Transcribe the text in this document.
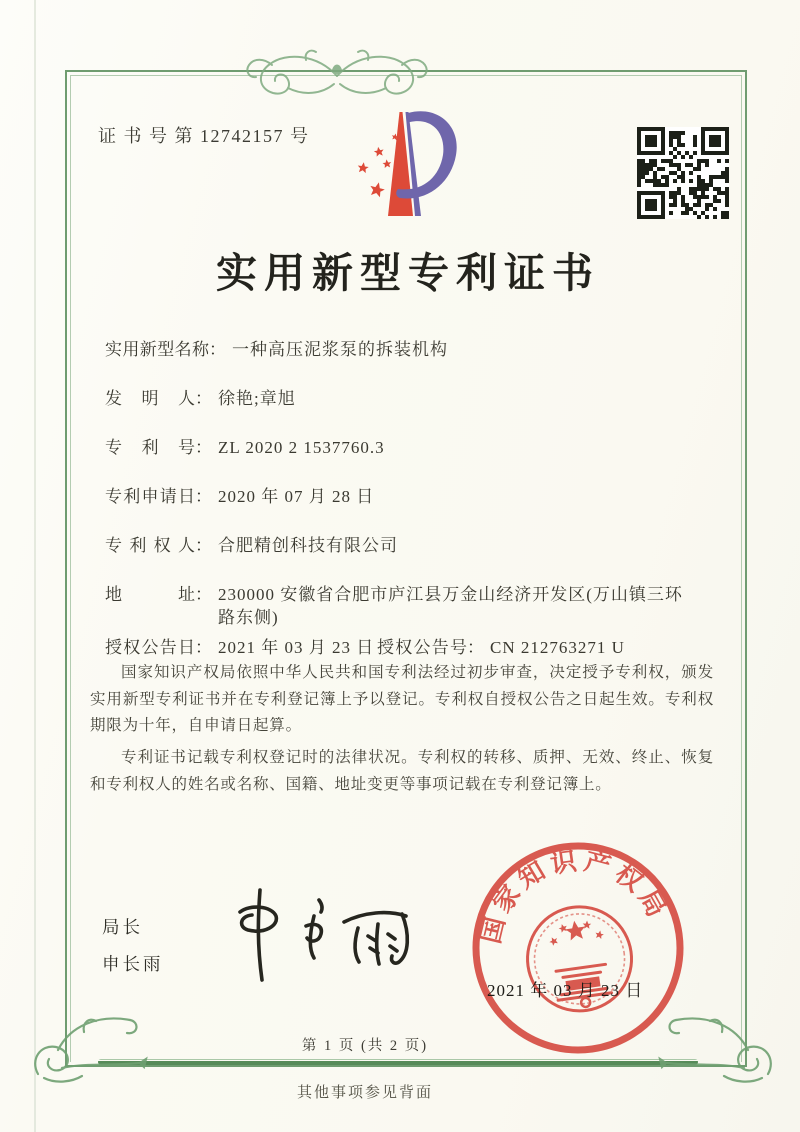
证 书 号 第 12742157 号
实用新型专利证书
实用新型名称： 一种高压泥浆泵的拆装机构
发明人： 徐艳;章旭
专利号： ZL 2020 2 1537760.3
专利申请日： 2020 年 07 月 28 日
专利权人： 合肥精创科技有限公司
地址 ： 230000 安徽省合肥市庐江县万金山经济开发区(万山镇三环路东侧)
授权公告日： 2021 年 03 月 23 日 授权公告号： CN 212763271 U

国家知识产权局依照中华人民共和国专利法经过初步审查，决定授予专利权，颁发实用新型专利证书并在专利登记簿上予以登记。专利权自授权公告之日起生效。专利权期限为十年，自申请日起算。

专利证书记载专利权登记时的法律状况。专利权的转移、质押、无效、终止、恢复和专利权人的姓名或名称、国籍、地址变更等事项记载在专利登记簿上。

局长
申长雨
国家知识产权局
2021 年 03 月 23 日
第 1 页 (共 2 页)
其他事项参见背面
